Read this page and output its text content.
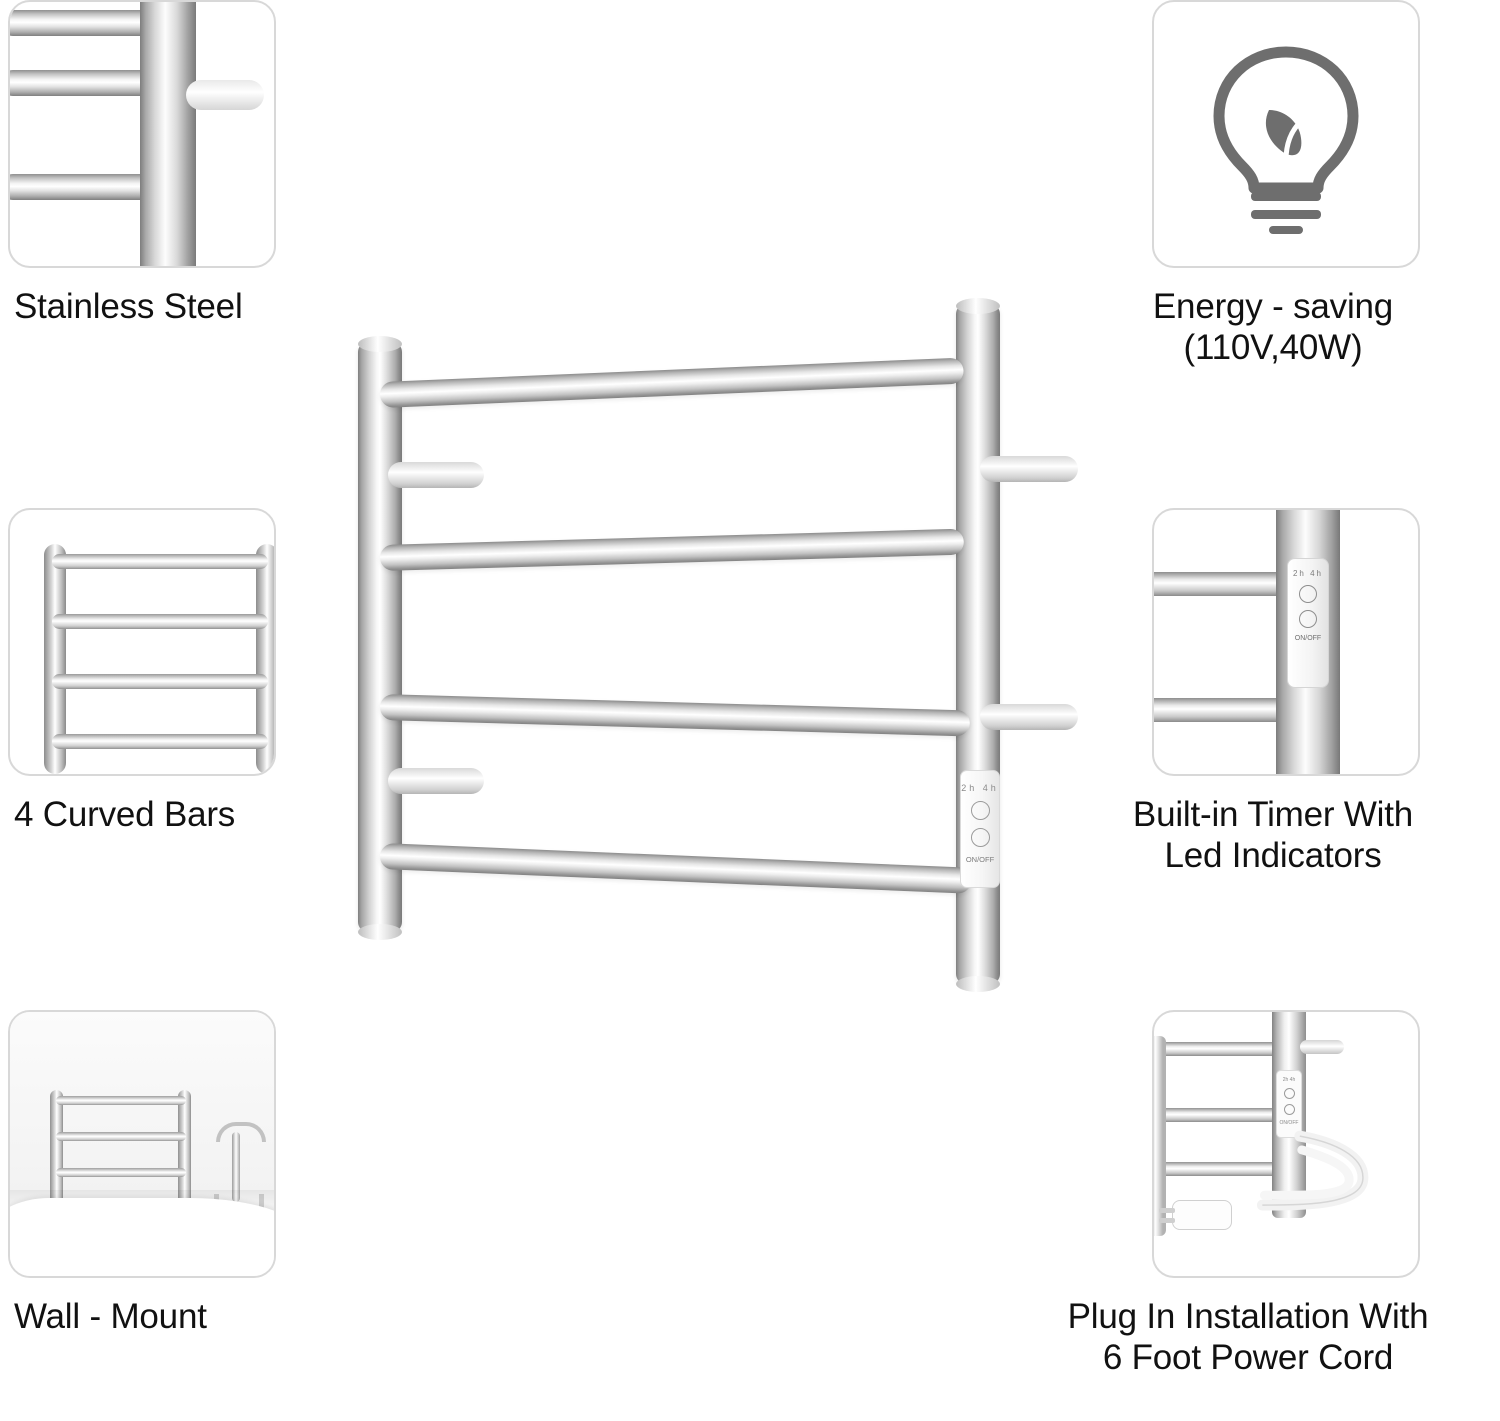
Stainless Steel
4 Curved Bars
Wall - Mount
Energy - saving
(110V,40W)
2h 4h
ON/OFF
Built-in Timer With
Led Indicators
2h 4h
ON/OFF
Plug In Installation With
6 Foot Power Cord
2h 4h
ON/OFF
